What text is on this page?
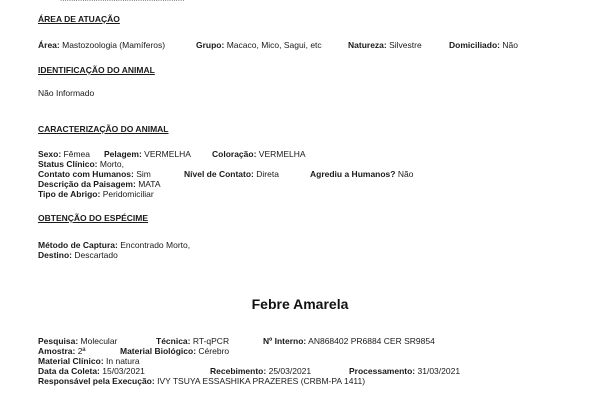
ÁREA DE ATUAÇÃO
Área: Mastozoologia (Mamíferos)	Grupo: Macaco, Mico, Sagui, etc	Natureza: Silvestre	Domiciliado: Não
IDENTIFICAÇÃO DO ANIMAL
Não Informado
CARACTERIZAÇÃO DO ANIMAL
Sexo: Fêmea Pelagem: VERMELHA Coloração: VERMELHA
Status Clínico: Morto,
Contato com Humanos: Sim	Nível de Contato: Direta	Agrediu a Humanos? Não
Descrição da Paisagem: MATA
Tipo de Abrigo: Peridomiciliar
OBTENÇÃO DO ESPÉCIME
Método de Captura: Encontrado Morto,
Destino: Descartado
Febre Amarela
Pesquisa: Molecular	Técnica: RT-qPCR	Nº Interno: AN868402 PR6884 CER SR9854
Amostra: 2ª	Material Biológico: Cérebro
Material Clínico: In natura
Data da Coleta: 15/03/2021	Recebimento: 25/03/2021	Processamento: 31/03/2021
Responsável pela Execução: IVY TSUYA ESSASHIKA PRAZERES (CRBM-PA 1411)
